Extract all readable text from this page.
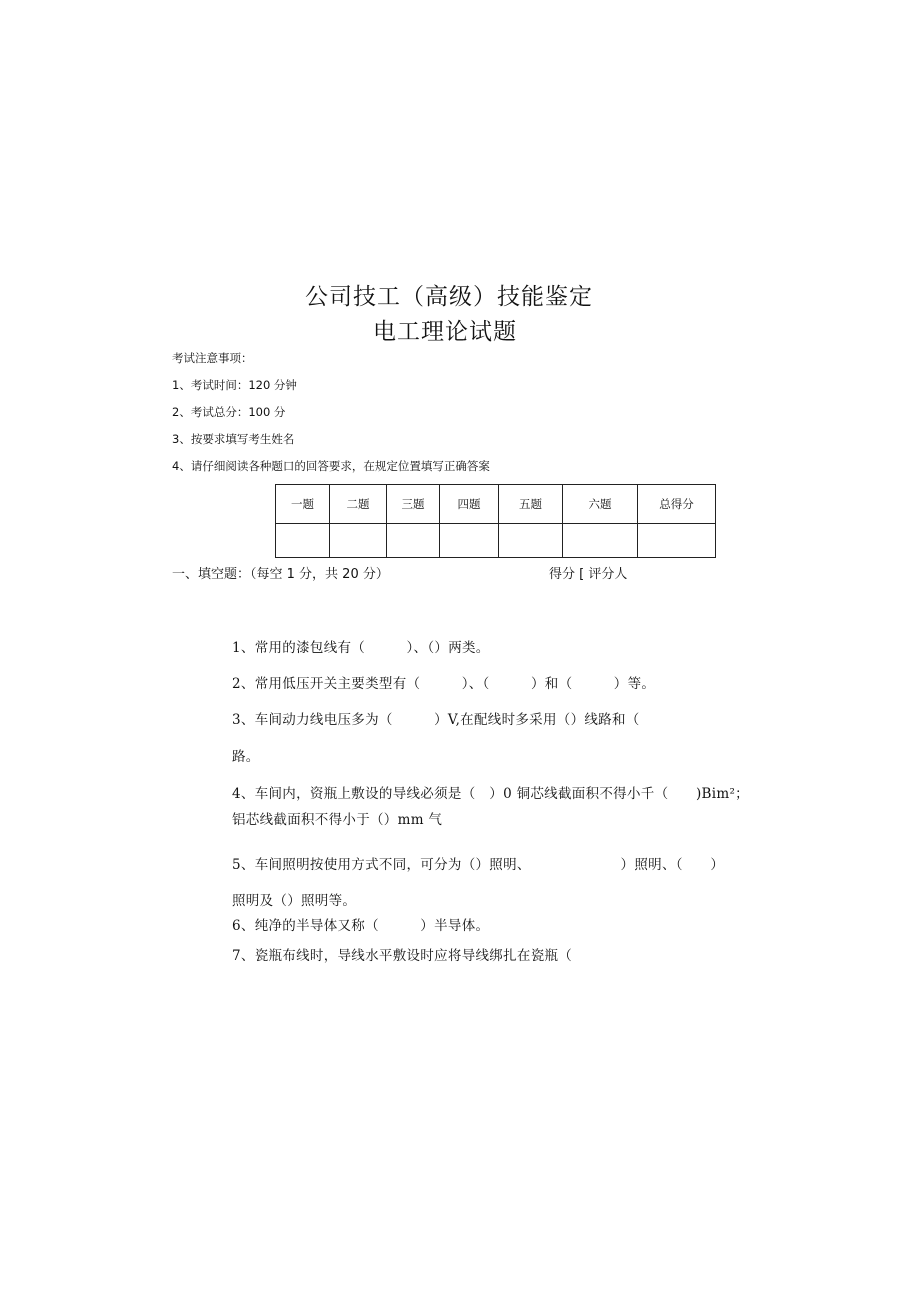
公司技工（高级）技能鉴定
电工理论试题
考试注意事项：
1、考试时间：120 分钟
2、考试总分：100 分
3、按要求填写考生姓名
4、请仔细阅读各种题口的回答要求，在规定位置填写正确答案
一题	二题	三题	四题	五题	六题	总得分

一、填空题：（每空 1 分，共 20 分）	得分 [ 评分人
1、常用的漆包线有（　　　）、（）两类。
2、常用低压开关主要类型有（　　　）、（　　　）和（　　　）等。
3、车间动力线电压多为（　　　）V,在配线时多采用（）线路和（
路。
4、车间内，资瓶上敷设的导线必须是（　）0 铜芯线截面积不得小千（　　)Bim²；
铝芯线截面积不得小于（）mm 气
5、车间照明按使用方式不同，可分为（）照明、　　　　　　　）照明、（　　）
照明及（）照明等。
6、纯净的半导体又称（　　　）半导体。
7、瓷瓶布线时，导线水平敷设时应将导线绑扎在瓷瓶（
